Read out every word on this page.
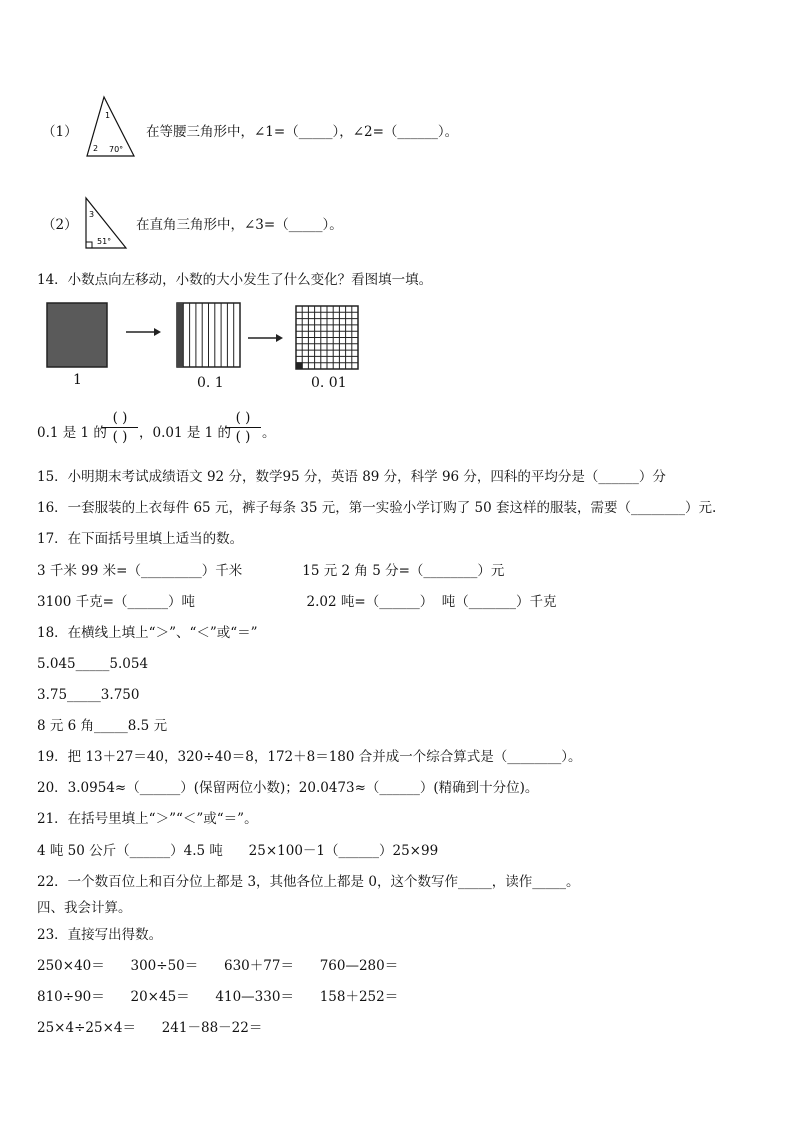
（1）
1
2 70°
在等腰三角形中，∠1=（_____），∠2=（______）。
（2）
3
51°
在直角三角形中，∠3=（_____）。
14．小数点向左移动，小数的大小发生了什么变化？看图填一填。
1	0. 1	0. 01
0.1 是 1 的
( )
( ) ，0.01 是 1 的
( )
( ) 。
15．小明期末考试成绩语文 92 分，数学95 分，英语 89 分，科学 96 分，四科的平均分是（______）分
16．一套服装的上衣每件 65 元，裤子每条 35 元，第一实验小学订购了 50 套这样的服装，需要（________）元.
17．在下面括号里填上适当的数。
3 千米 99 米=（_________）千米              15 元 2 角 5 分=（________）元
3100 千克=（______）吨                          2.02 吨=（______）  吨（_______）千克
18．在横线上填上“＞”、“＜”或“＝”
5.045_____5.054
3.75_____3.750
8 元 6 角_____8.5 元
19．把 13＋27＝40，320÷40＝8，172＋8＝180 合并成一个综合算式是（________）。
20．3.0954≈（______）(保留两位小数)；20.0473≈（______）(精确到十分位)。
21．在括号里填上“＞”“＜”或“＝”。
4 吨 50 公斤（______）4.5 吨      25×100－1（______）25×99
22．一个数百位上和百分位上都是 3，其他各位上都是 0，这个数写作_____，读作_____。
四、我会计算。
23．直接写出得数。
250×40＝      300÷50＝      630＋77＝      760—280＝
810÷90＝      20×45＝      410—330＝      158＋252＝
25×4÷25×4＝      241－88－22＝
